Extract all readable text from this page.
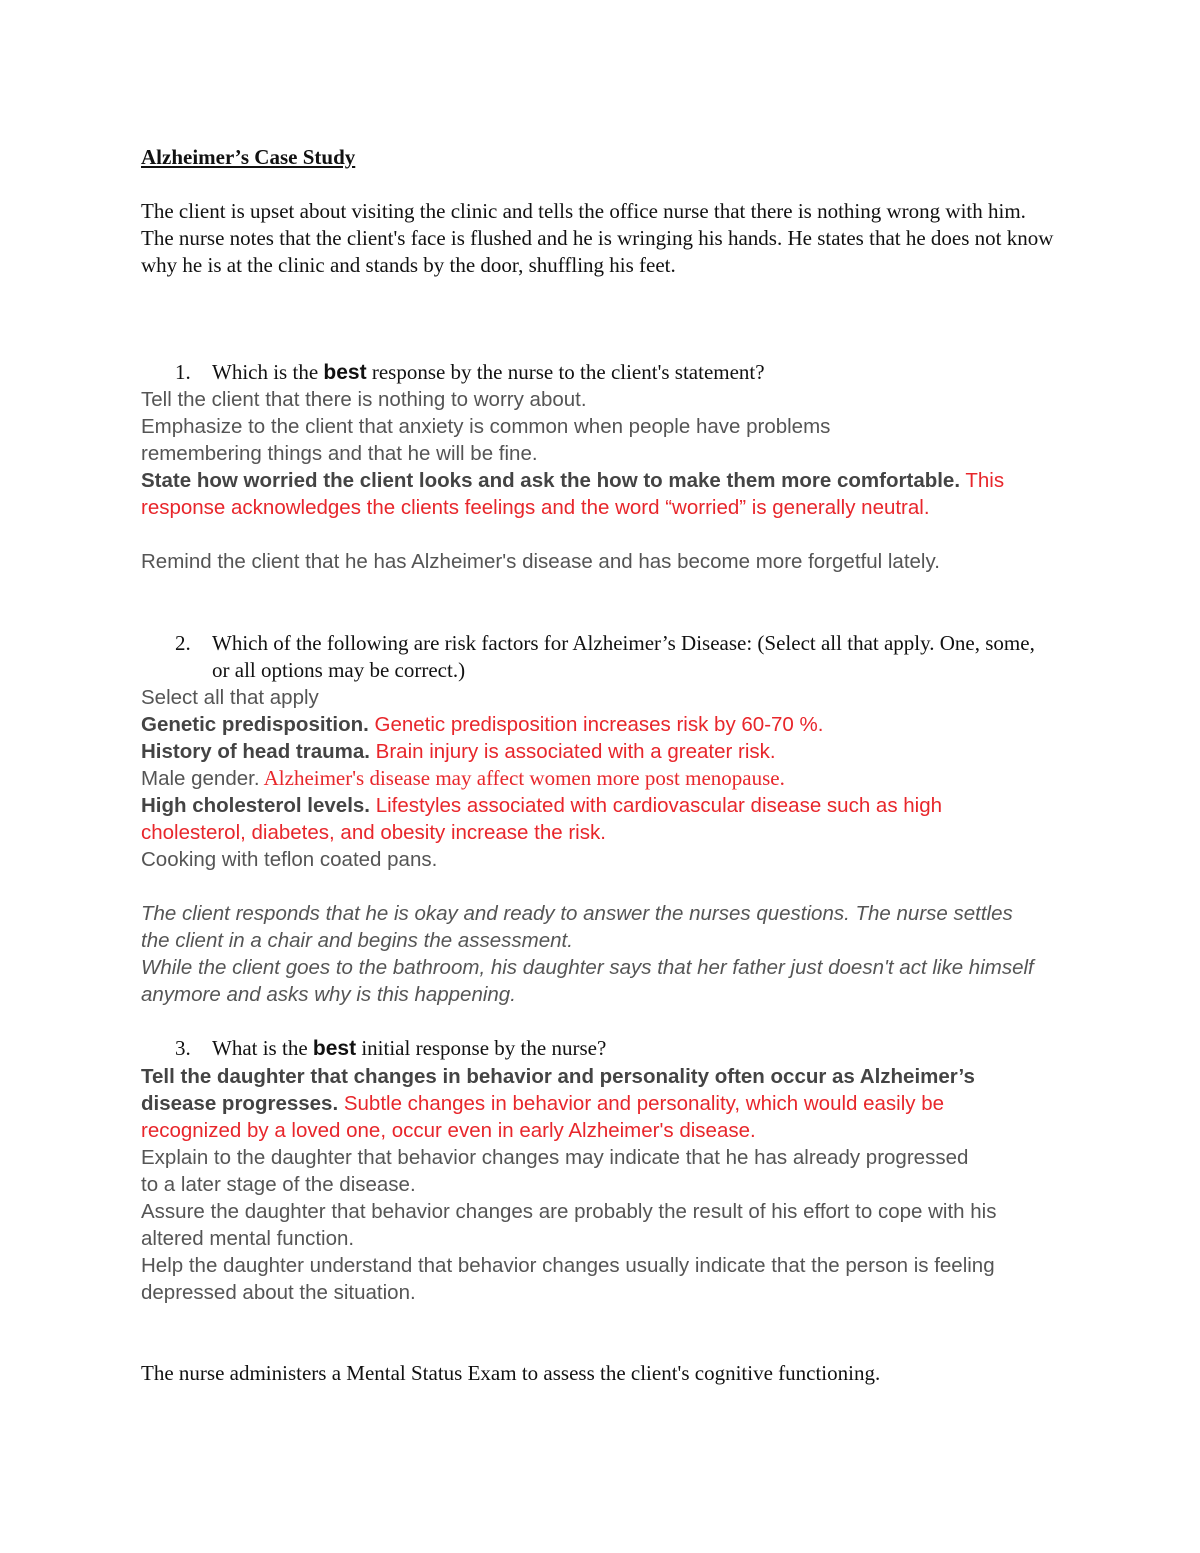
Alzheimer’s Case Study

The client is upset about visiting the clinic and tells the office nurse that there is nothing wrong with him. The nurse notes that the client's face is flushed and he is wringing his hands. He states that he does not know why he is at the clinic and stands by the door, shuffling his feet.

1. Which is the best response by the nurse to the client's statement?

Tell the client that there is nothing to worry about.

Emphasize to the client that anxiety is common when people have problems remembering things and that he will be fine.

State how worried the client looks and ask the how to make them more comfortable. This response acknowledges the clients feelings and the word “worried” is generally neutral.

Remind the client that he has Alzheimer's disease and has become more forgetful lately.

2. Which of the following are risk factors for Alzheimer’s Disease: (Select all that apply. One, some, or all options may be correct.)

Select all that apply

Genetic predisposition. Genetic predisposition increases risk by 60-70 %.

History of head trauma. Brain injury is associated with a greater risk.

Male gender. Alzheimer's disease may affect women more post menopause.

High cholesterol levels. Lifestyles associated with cardiovascular disease such as high cholesterol, diabetes, and obesity increase the risk.

Cooking with teflon coated pans.

The client responds that he is okay and ready to answer the nurses questions. The nurse settles the client in a chair and begins the assessment.

While the client goes to the bathroom, his daughter says that her father just doesn't act like himself anymore and asks why is this happening.

3. What is the best initial response by the nurse?

Tell the daughter that changes in behavior and personality often occur as Alzheimer’s disease progresses. Subtle changes in behavior and personality, which would easily be recognized by a loved one, occur even in early Alzheimer's disease.

Explain to the daughter that behavior changes may indicate that he has already progressed to a later stage of the disease.

Assure the daughter that behavior changes are probably the result of his effort to cope with his altered mental function.

Help the daughter understand that behavior changes usually indicate that the person is feeling depressed about the situation.

The nurse administers a Mental Status Exam to assess the client's cognitive functioning.
